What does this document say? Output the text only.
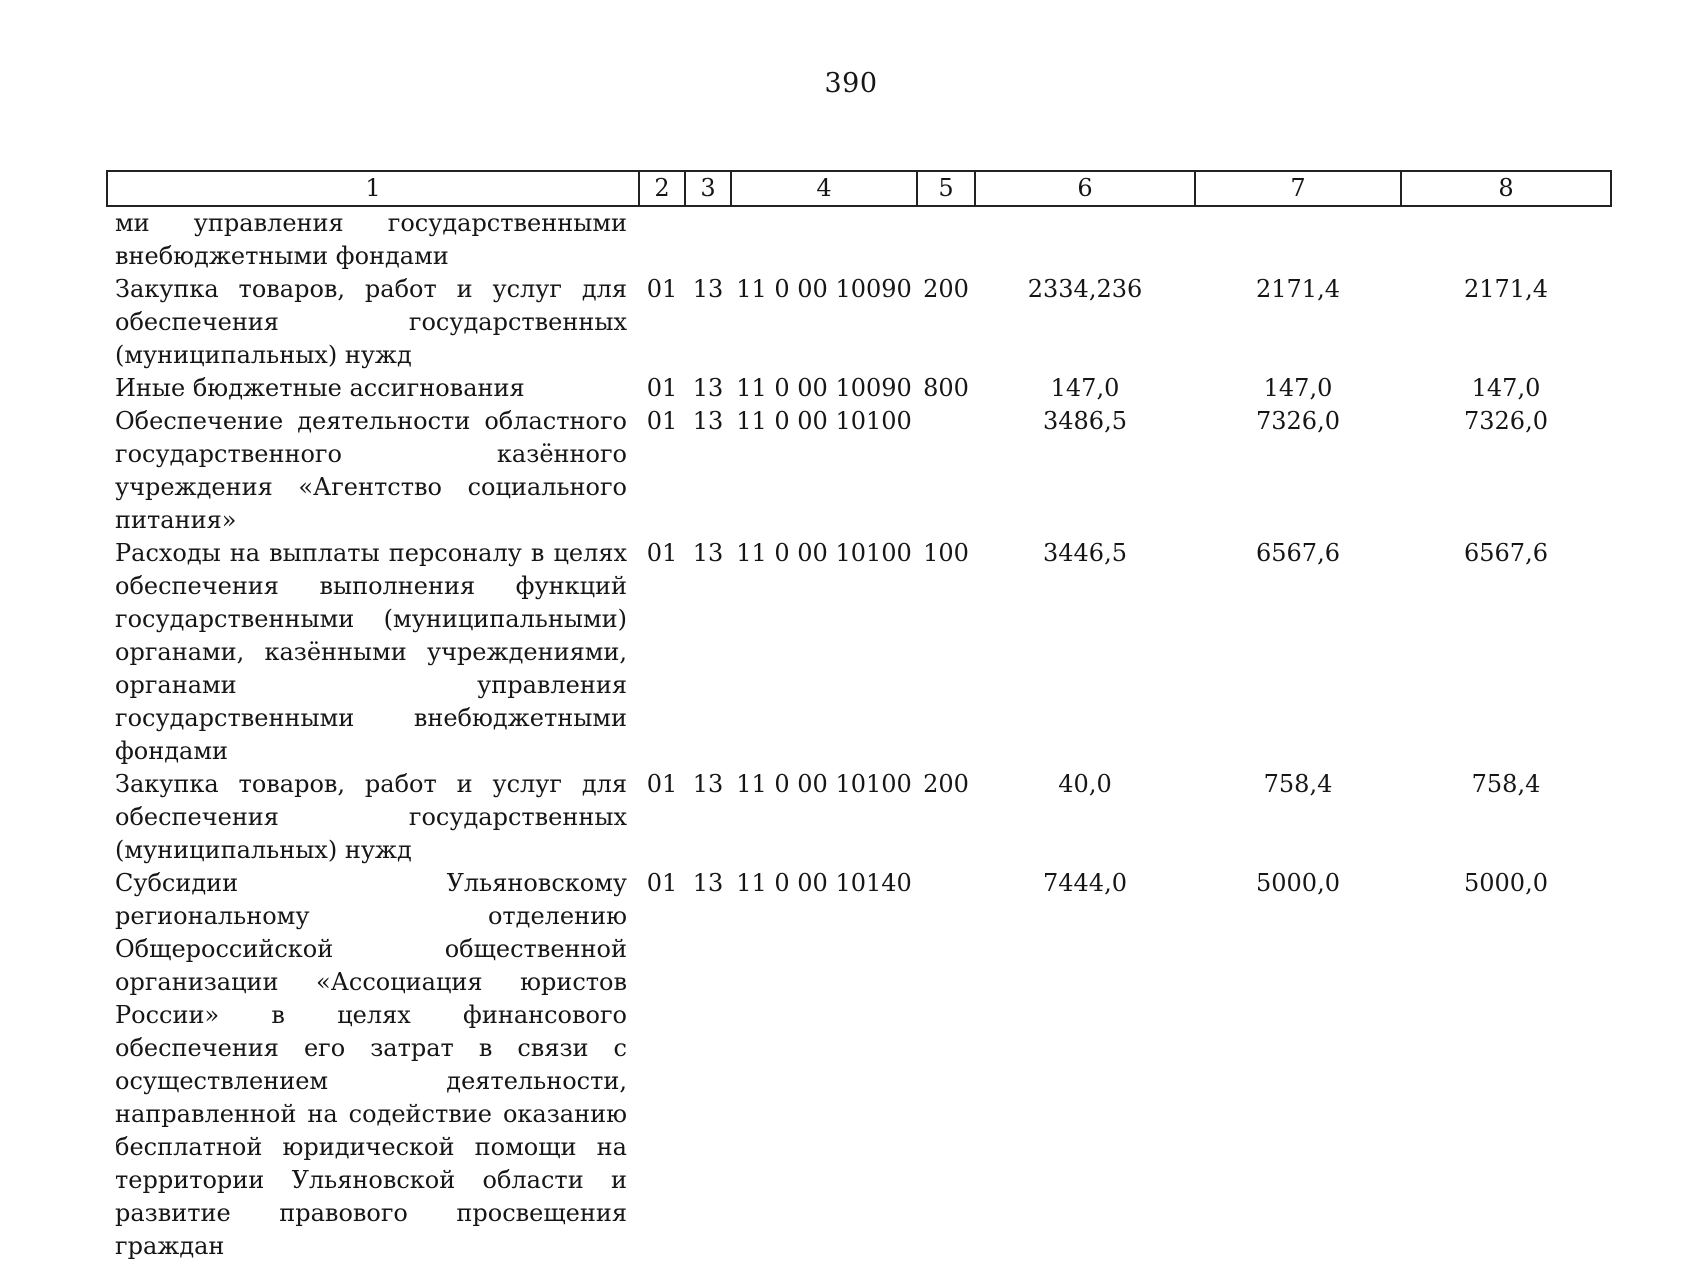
390
1	2	3	4	5	6	7	8
ми управления государственными внебюджетными фондами							
Закупка товаров, работ и услуг для обеспечения государственных (муниципальных) нужд	01	13	11 0 00 10090	200	2334,236	2171,4	2171,4
Иные бюджетные ассигнования	01	13	11 0 00 10090	800	147,0	147,0	147,0
Обеспечение деятельности областного государственного казённого учреждения «Агентство социального питания»	01	13	11 0 00 10100		3486,5	7326,0	7326,0
Расходы на выплаты персоналу в целях обеспечения выполнения функций государственными (муниципальными) органами, казёнными учреждениями, органами управления государственными внебюджетными фондами	01	13	11 0 00 10100	100	3446,5	6567,6	6567,6
Закупка товаров, работ и услуг для обеспечения государственных (муниципальных) нужд	01	13	11 0 00 10100	200	40,0	758,4	758,4
Субсидии Ульяновскому региональному отделению Общероссийской общественной организации «Ассоциация юристов России» в целях финансового обеспечения его затрат в связи с осуществлением деятельности, направленной на содействие оказанию бесплатной юридической помощи на территории Ульяновской области и развитие правового просвещения граждан	01	13	11 0 00 10140		7444,0	5000,0	5000,0
